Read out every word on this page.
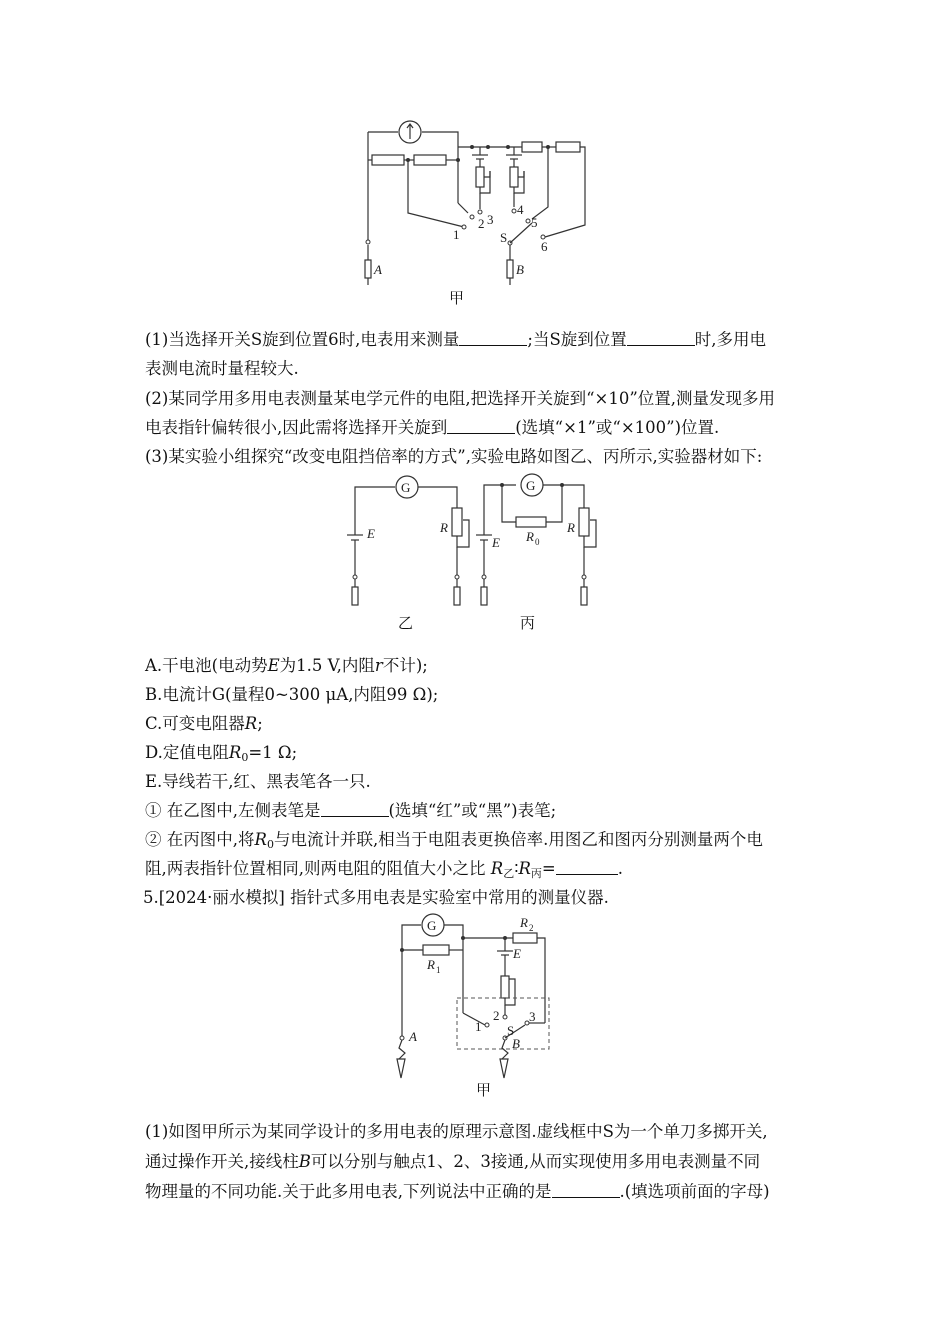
1
2 3
4
5
6
S
A	B
甲
(1)当选择开关S旋到位置6时,电表用来测量	;当S旋到位置	时,多用电
表测电流时量程较大.
(2)某同学用多用电表测量某电学元件的电阻,把选择开关旋到“×10”位置,测量发现多用
电表指针偏转很小,因此需将选择开关旋到	(选填“×1”或“×100”)位置.
(3)某实验小组探究“改变电阻挡倍率的方式”,实验电路如图乙、丙所示,实验器材如下:
G
R
E
乙
G
R 0
R
E
丙
A.干电池(电动势E为1.5 V,内阻r不计);
B.电流计G(量程0~300 μA,内阻99 Ω);
C.可变电阻器R;
D.定值电阻$R_0=1$ Ω;
E.导线若干,红、黑表笔各一只.
① 在乙图中,左侧表笔是	(选填“红”或“黑”)表笔;
② 在丙图中,将$R_0$与电流计并联,相当于电阻表更换倍率.用图乙和图丙分别测量两个电
阻,两表指针位置相同,则两电阻的阻值大小之比 $R_乙∶R_丙=$	.
5.[2024·丽水模拟] 指针式多用电表是实验室中常用的测量仪器.
G
R 1
R 2
E
1
2 3
S
B
A
甲
(1)如图甲所示为某同学设计的多用电表的原理示意图.虚线框中S为一个单刀多掷开关,
通过操作开关,接线柱B可以分别与触点1、2、3接通,从而实现使用多用电表测量不同
物理量的不同功能.关于此多用电表,下列说法中正确的是	.(填选项前面的字母)
